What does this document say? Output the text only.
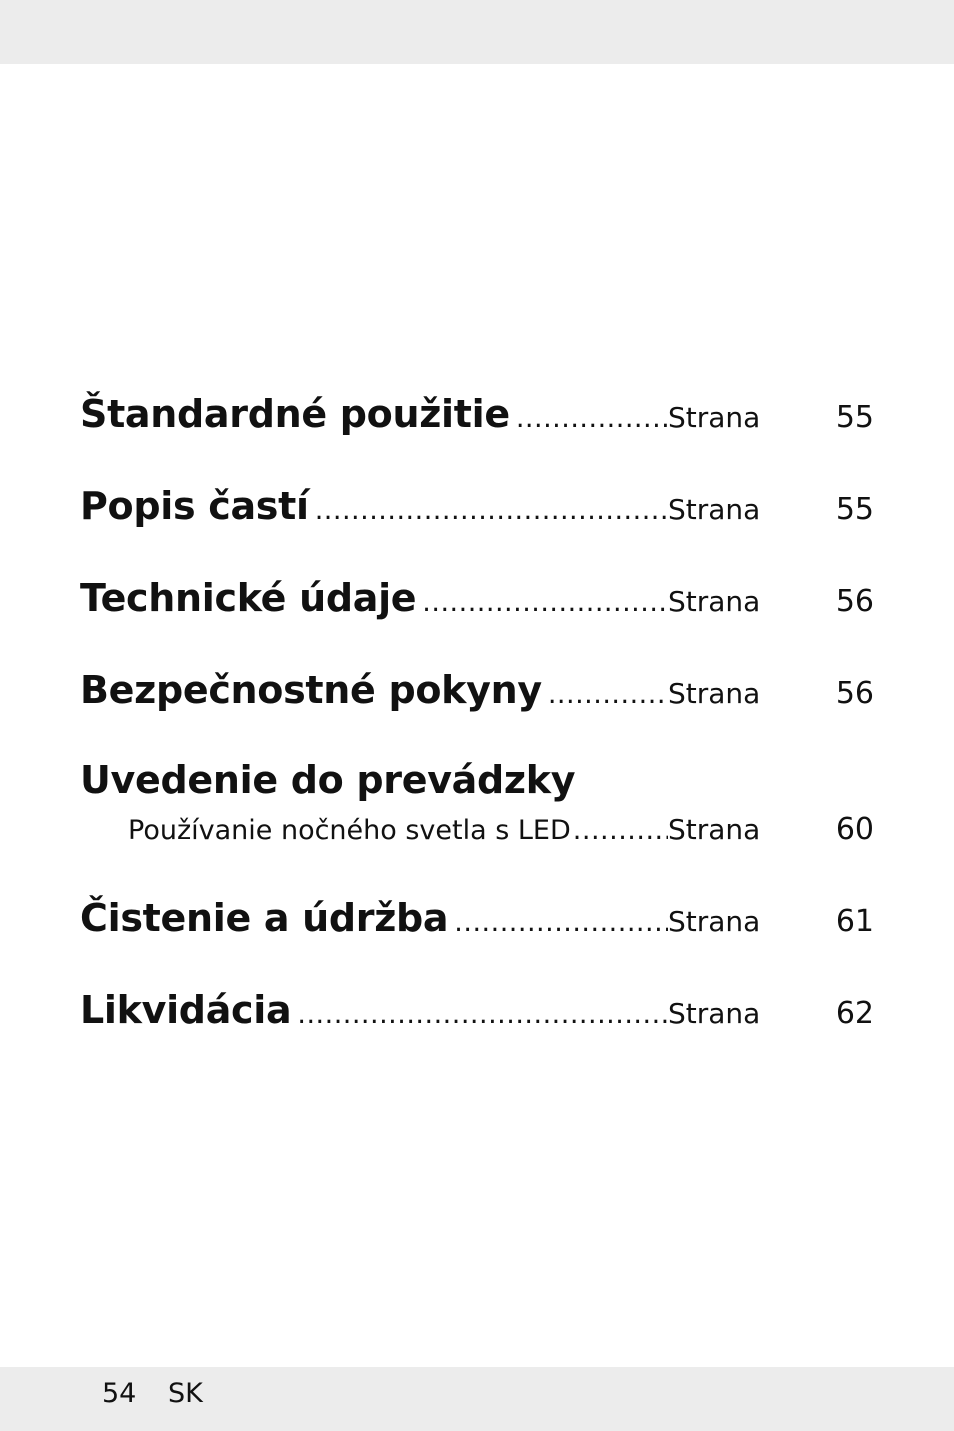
Štandardné použitie .....	Strana	55
Popis častí .....	Strana	55
Technické údaje .....	Strana	56
Bezpečnostné pokyny .....	Strana	56
Uvedenie do prevádzky
Používanie nočného svetla s LED .....	Strana	60
Čistenie a údržba .....	Strana	61
Likvidácia .....	Strana	62
54 SK
